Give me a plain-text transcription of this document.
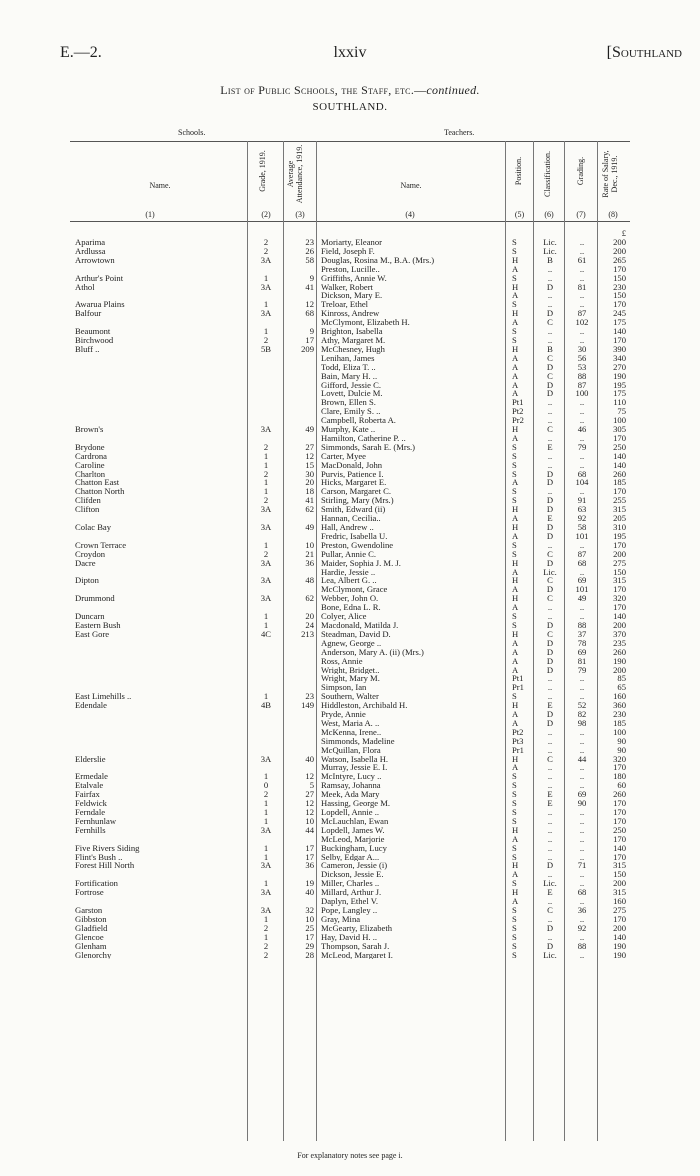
E.—2.	lxxiv	[Southland
List of Public Schools, the Staff, etc.—continued.
SOUTHLAND.
Schools.	Teachers.
Name.	Grade, 1919. Average Attendance, 1919.	Name.
Position.	Classification.	Grading. Rate of Salary, Dec., 1919.
(1)	(2)	(3)	(4)	(5)	(6)	(7)	(8)
£
Aparima	2	23 Moriarty, Eleanor	S	Lic.	..	200
Ardlussa	2	26 Field, Joseph F.	S	Lic.	..	200
Arrowtown	3A	58 Douglas, Rosina M., B.A. (Mrs.)	H	B	61	265
Preston, Lucille..	A	..	..	170
Arthur's Point	1	9 Griffiths, Annie W.	S	..	..	150
Athol	3A	41 Walker, Robert	H	D	81	230
Dickson, Mary E.	A	..	..	150
Awarua Plains	1	12 Treloar, Ethel	S	..	..	170
Balfour	3A	68 Kinross, Andrew	H	D	87	245
McClymont, Elizabeth H.	A	C	102	175
Beaumont	1	9 Brighton, Isabella	S	..	..	140
Birchwood	2	17 Athy, Margaret M.	S	..	..	170
Bluff ..	5B	209 McChesney, Hugh	H	B	30	390
Lenihan, James	A	C	56	340
Todd, Eliza T. ..	A	D	53	270
Bain, Mary H. ..	A	C	88	190
Gifford, Jessie C.	A	D	87	195
Lovett, Dulcie M.	A	D	100	175
Brown, Ellen S.	Pt1	..	..	110
Clare, Emily S. ..	Pt2	..	..	75
Campbell, Roberta A.	Pr2	..	..	100
Brown's	3A	49 Murphy, Kate ..	H	C	46	305
Hamilton, Catherine P. ..	A	..	..	170
Brydone	2	27 Simmonds, Sarah E. (Mrs.)	S	E	79	250
Cardrona	1	12 Carter, Myee	S	..	..	140
Caroline	1	15 MacDonald, John	S	..	..	140
Charlton	2	30 Purvis, Patience I.	S	D	68	260
Chatton East	1	20 Hicks, Margaret E.	A	D	104	185
Chatton North	1	18 Carson, Margaret C.	S	..	..	170
Clifden	2	41 Stirling, Mary (Mrs.)	S	D	91	255
Clifton	3A	62 Smith, Edward (ii)	H	D	63	315
Hannan, Cecilia..	A	E	92	205
Colac Bay	3A	49 Hall, Andrew ..	H	D	58	310
Fredric, Isabella U.	A	D	101	195
Crown Terrace	1	10 Preston, Gwendoline	S	..	..	170
Croydon	2	21 Pullar, Annie C.	S	C	87	200
Dacre	3A	36 Maider, Sophia J. M. J.	H	D	68	275
Hardie, Jessie ..	A	Lic.	..	150
Dipton	3A	48 Lea, Albert G. ..	H	C	69	315
McClymont, Grace	A	D	101	170
Drummond	3A	62 Webber, John O.	H	C	49	320
Bone, Edna L. R.	A	..	..	170
Duncarn	1	20 Colyer, Alice	S	..	..	140
Eastern Bush	1	24 Macdonald, Matilda J.	S	D	88	200
East Gore	4C	213 Steadman, David D.	H	C	37	370
Agnew, George ..	A	D	78	235
Anderson, Mary A. (ii) (Mrs.)	A	D	69	260
Ross, Annie	A	D	81	190
Wright, Bridget..	A	D	79	200
Wright, Mary M.	Pt1	..	..	85
Simpson, Ian	Pr1	..	..	65
East Limehills ..	1	23 Southern, Walter	S	..	..	160
Edendale	4B	149 Hiddleston, Archibald H.	H	E	52	360
Pryde, Annie	A	D	82	230
West, Maria A. ..	A	D	98	185
McKenna, Irene..	Pt2	..	..	100
Simmonds, Madeline	Pt3	..	..	90
McQuillan, Flora	Pr1	..	..	90
Elderslie	3A	40 Watson, Isabella H.	H	C	44	320
Murray, Jessie E. I.	A	..	..	170
Ermedale	1	12 McIntyre, Lucy ..	S	..	..	180
Etalvale	0	5 Ramsay, Johanna	S	..	..	60
Fairfax	2	27 Meek, Ada Mary	S	E	69	260
Feldwick	1	12 Hassing, George M.	S	E	90	170
Ferndale	1	12 Lopdell, Annie ..	S	..	..	170
Fernhunlaw	1	10 McLauchlan, Ewan	S	..	..	170
Fernhills	3A	44 Lopdell, James W.	H	..	..	250
McLeod, Marjorie	A	..	..	170
Five Rivers Siding	1	17 Buckingham, Lucy	S	..	..	140
Flint's Bush ..	1	17 Selby, Edgar A...	S	..	..	170
Forest Hill North	3A	36 Cameron, Jessie (i)	H	D	71	315
Dickson, Jessie E.	A	..	..	150
Fortification	1	19 Miller, Charles ..	S	Lic.	..	200
Fortrose	3A	40 Millard, Arthur J.	H	E	68	315
Daplyn, Ethel V.	A	..	..	160
Garston	3A	32 Pope, Langley ..	S	C	36	275
Gibbston	1	10 Gray, Mina	S	..	..	170
Gladfield	2	25 McGearty, Elizabeth	S	D	92	200
Glencoe	1	17 Hay, David H. ..	S	..	..	140
Glenham	2	29 Thompson, Sarah J.	S	D	88	190
Glenorchy	2	28 McLeod, Margaret I.	S	Lic.	..	190
For explanatory notes see page i.
